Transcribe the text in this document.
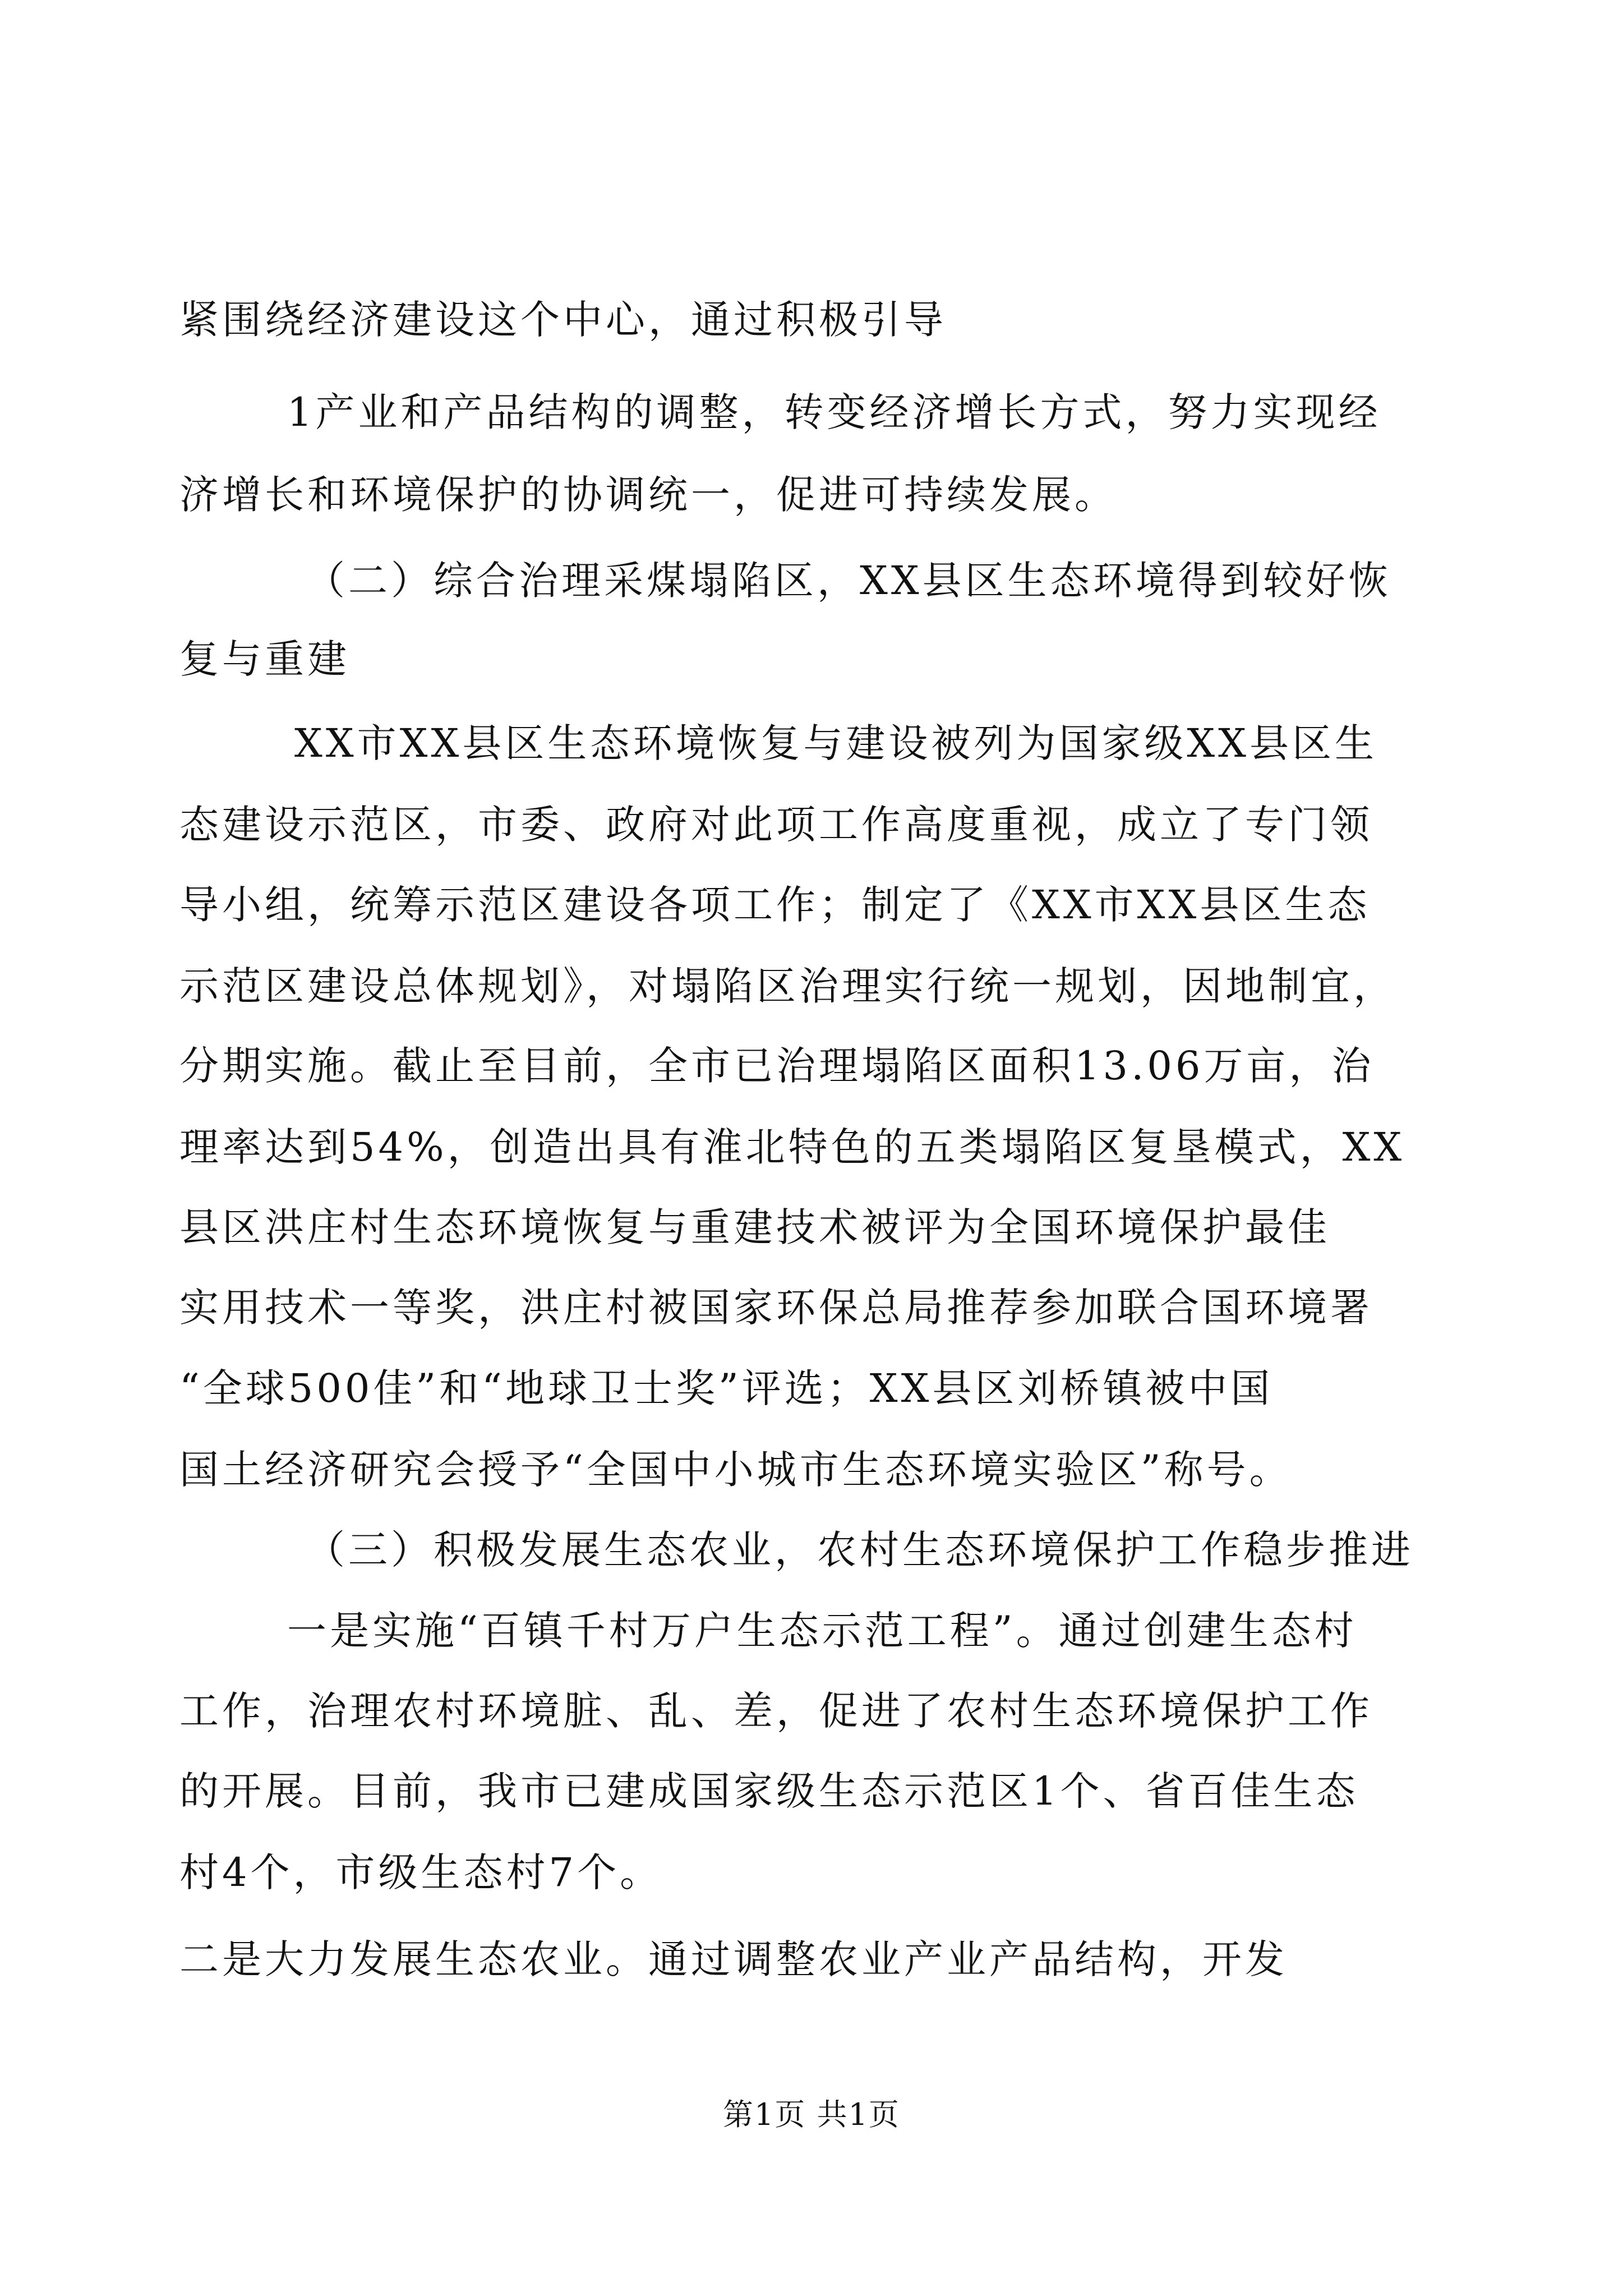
紧围绕经济建设这个中心，通过积极引导
1产业和产品结构的调整，转变经济增长方式，努力实现经
济增长和环境保护的协调统一，促进可持续发展。
（二）综合治理采煤塌陷区，XX县区生态环境得到较好恢
复与重建
XX市XX县区生态环境恢复与建设被列为国家级XX县区生
态建设示范区，市委、政府对此项工作高度重视，成立了专门领
导小组，统筹示范区建设各项工作；制定了《XX市XX县区生态
示范区建设总体规划》，对塌陷区治理实行统一规划，因地制宜，
分期实施。截止至目前，全市已治理塌陷区面积13.06万亩，治
理率达到54%，创造出具有淮北特色的五类塌陷区复垦模式，XX
县区洪庄村生态环境恢复与重建技术被评为全国环境保护最佳
实用技术一等奖，洪庄村被国家环保总局推荐参加联合国环境署
“全球500佳”和“地球卫士奖”评选；XX县区刘桥镇被中国
国土经济研究会授予“全国中小城市生态环境实验区”称号。
（三）积极发展生态农业，农村生态环境保护工作稳步推进
一是实施“百镇千村万户生态示范工程”。通过创建生态村
工作，治理农村环境脏、乱、差，促进了农村生态环境保护工作
的开展。目前，我市已建成国家级生态示范区1个、省百佳生态
村4个，市级生态村7个。
二是大力发展生态农业。通过调整农业产业产品结构，开发
第1页 共1页
